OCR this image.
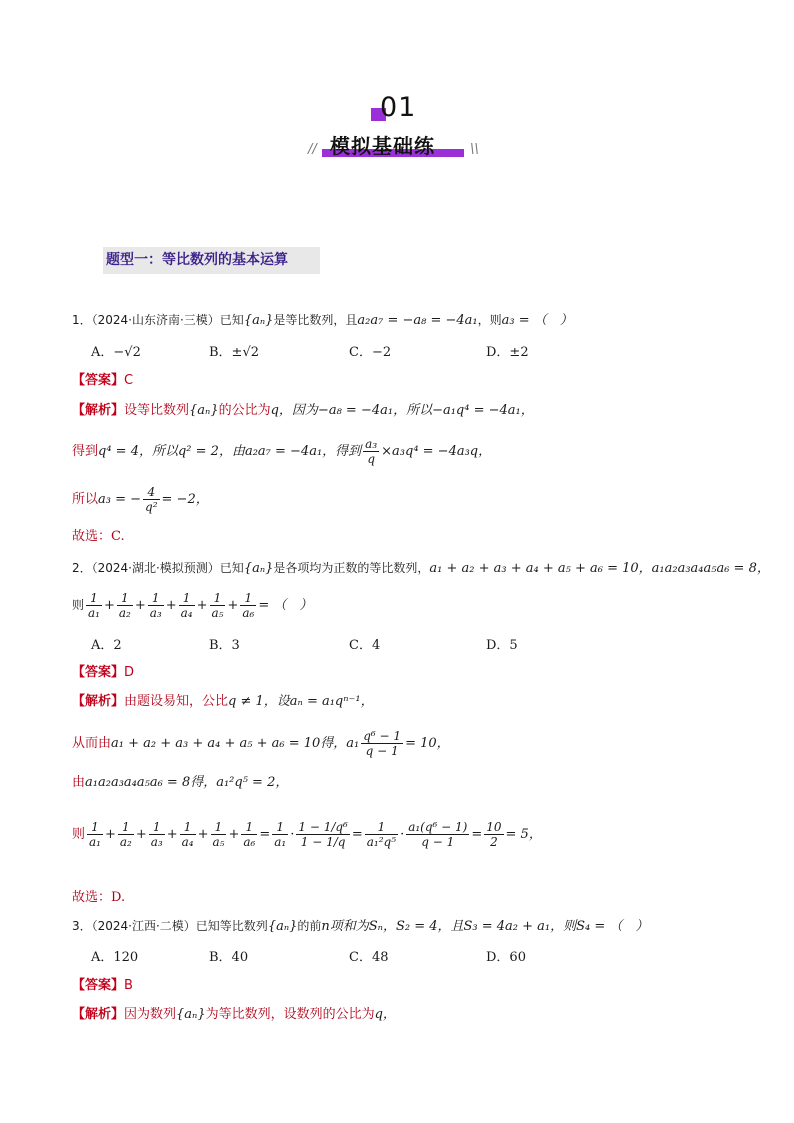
01
模拟基础练
//	\\
题型一：等比数列的基本运算
1．（2024·山东济南·三模）已知{aₙ}是等比数列，且a₂a₇ = −a₈ = −4a₁，则a₃ = （　）
A．−√2	B．±√2	C．−2	D．±2
【答案】C
【解析】设等比数列{aₙ}的公比为q，因为−a₈ = −4a₁，所以−a₁q⁴ = −4a₁，
得到q⁴ = 4，所以q² = 2，由a₂a₇ = −4a₁，得到 $\frac{\text{a₃}}{q} \times a_3q^4 = -4a_3q$，
所以a₃ = − $\frac{4}{\text{q²}} = -2$，
故选：C.
2．（2024·湖北·模拟预测）已知{aₙ}是各项均为正数的等比数列，a₁ + a₂ + a₃ + a₄ + a₅ + a₆ = 10，a₁a₂a₃a₄a₅a₆ = 8，
则 $\frac{1}{\text{a₁}} + \frac{1}{\text{a₂}} + \frac{1}{\text{a₃}} + \frac{1}{\text{a₄}} + \frac{1}{\text{a₅}} + \frac{1}{\text{a₆}}$ = （　）
A．2	B．3	C．4	D．5
【答案】D
【解析】由题设易知，公比q ≠ 1，设aₙ = a₁qⁿ⁻¹，
从而由a₁ + a₂ + a₃ + a₄ + a₅ + a₆ = 10得，$a_1 \frac{\text{q⁶ − 1}}{q - 1} = 10$，
由a₁a₂a₃a₄a₅a₆ = 8得，a₁²q⁵ = 2，
则 $\frac{1}{\text{a₁}} + \frac{1}{\text{a₂}} + \frac{1}{\text{a₃}} + \frac{1}{\text{a₄}} + \frac{1}{\text{a₅}} + \frac{1}{\text{a₆}} = \frac{1}{\text{a₁}} \cdot \frac{\text{1 − 1/q⁶}}{1 - 1/q} = \frac{1}{\text{a₁²q⁵}} \cdot \frac{\text{a₁(q⁶ − 1)}}{q - 1} = \frac{10}{2} = 5$，
故选：D.
3．（2024·江西·二模）已知等比数列{aₙ}的前n项和为Sₙ，S₂ = 4，且S₃ = 4a₂ + a₁，则S₄ = （　）
A．120	B．40	C．48	D．60
【答案】B
【解析】因为数列{aₙ}为等比数列，设数列的公比为q，
